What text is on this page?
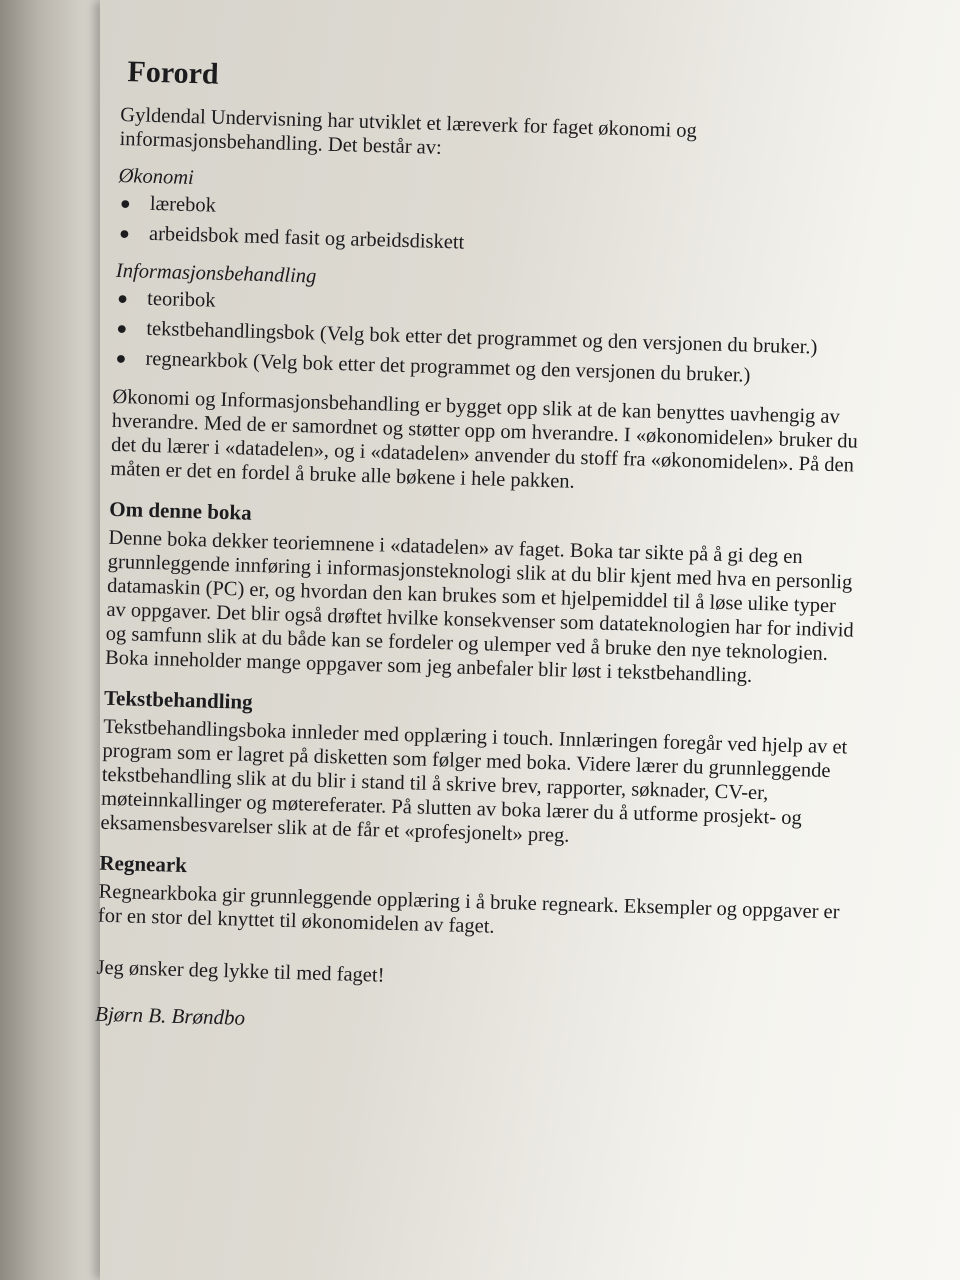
Forord

Gyldendal Undervisning har utviklet et læreverk for faget økonomi og informasjonsbehandling. Det består av:

Økonomi
● lærebok
● arbeidsbok med fasit og arbeidsdiskett
Informasjonsbehandling
● teoribok
● tekstbehandlingsbok (Velg bok etter det programmet og den versjonen du bruker.)
● regnearkbok (Velg bok etter det programmet og den versjonen du bruker.)

Økonomi og Informasjonsbehandling er bygget opp slik at de kan benyttes uavhengig av hverandre. Med de er samordnet og støtter opp om hverandre. I «økonomidelen» bruker du det du lærer i «datadelen», og i «datadelen» anvender du stoff fra «økonomidelen». På den måten er det en fordel å bruke alle bøkene i hele pakken.

Om denne boka

Denne boka dekker teoriemnene i «datadelen» av faget. Boka tar sikte på å gi deg en grunnleggende innføring i informasjonsteknologi slik at du blir kjent med hva en personlig datamaskin (PC) er, og hvordan den kan brukes som et hjelpemiddel til å løse ulike typer av oppgaver. Det blir også drøftet hvilke konsekvenser som datateknologien har for individ og samfunn slik at du både kan se fordeler og ulemper ved å bruke den nye teknologien. Boka inneholder mange oppgaver som jeg anbefaler blir løst i tekstbehandling.

Tekstbehandling

Tekstbehandlingsboka innleder med opplæring i touch. Innlæringen foregår ved hjelp av et program som er lagret på disketten som følger med boka. Videre lærer du grunnleggende tekstbehandling slik at du blir i stand til å skrive brev, rapporter, søknader, CV-er, møteinnkallinger og møtereferater. På slutten av boka lærer du å utforme prosjekt- og eksamensbesvarelser slik at de får et «profesjonelt» preg.

Regneark

Regnearkboka gir grunnleggende opplæring i å bruke regneark. Eksempler og oppgaver er for en stor del knyttet til økonomidelen av faget.

Jeg ønsker deg lykke til med faget!

Bjørn B. Brøndbo
